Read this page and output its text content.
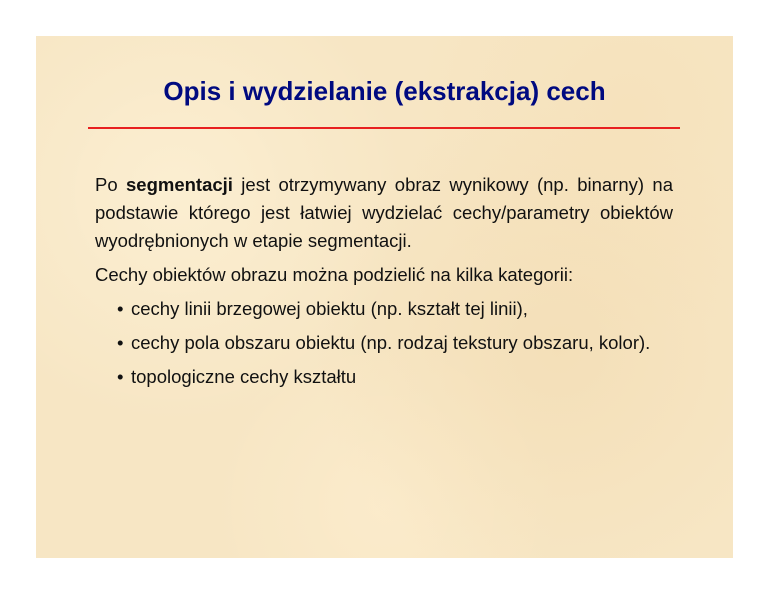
Opis i wydzielanie (ekstrakcja) cech

Po segmentacji jest otrzymywany obraz wynikowy (np. binarny) na podstawie którego jest łatwiej wydzielać cechy/parametry obiektów wyodrębnionych w etapie segmentacji.

Cechy obiektów obrazu można podzielić na kilka kategorii:

• cechy linii brzegowej obiektu (np. kształt tej linii),
• cechy pola obszaru obiektu (np. rodzaj tekstury obszaru, kolor).
• topologiczne cechy kształtu
